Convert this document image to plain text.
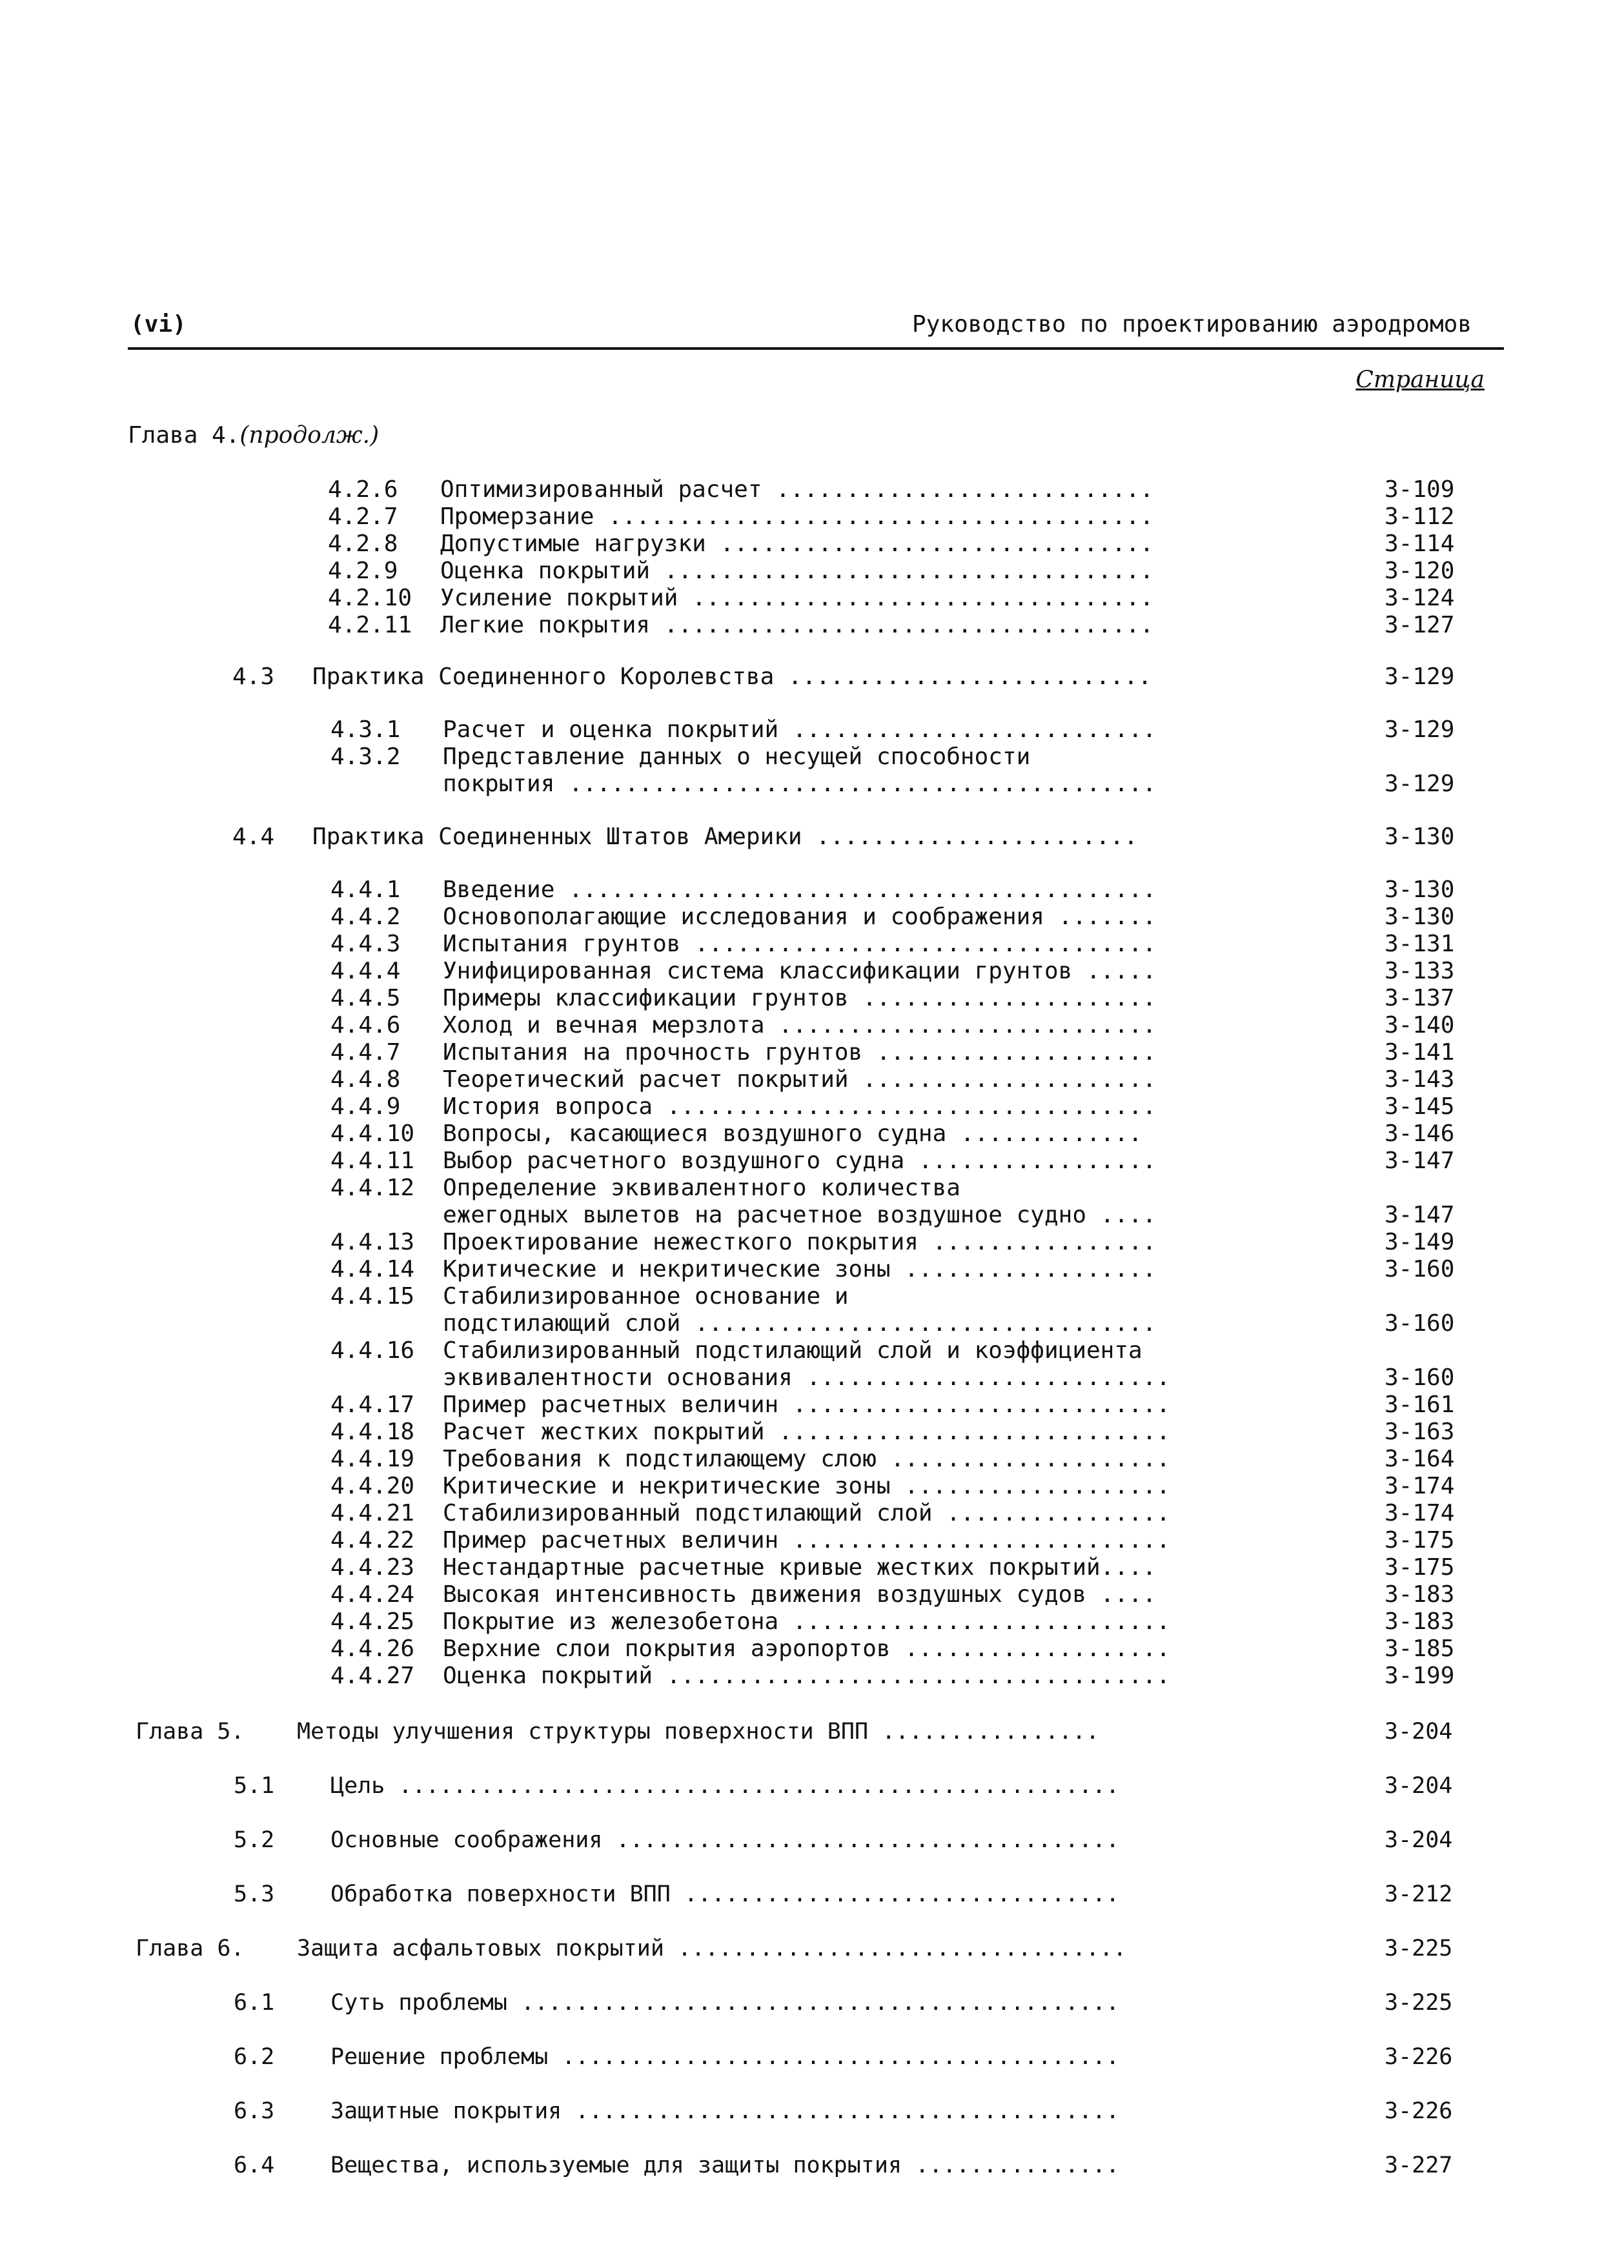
(vi)	Руководство по проектированию аэродромов
Страница
Глава 4.(продолж.)
4.2.6 Оптимизированный расчет ...........................	3-109
4.2.7 Промерзание .......................................	3-112
4.2.8 Допустимые нагрузки ...............................	3-114
4.2.9 Оценка покрытий ...................................	3-120
4.2.10 Усиление покрытий .................................	3-124
4.2.11 Легкие покрытия ...................................	3-127
4.3 Практика Соединенного Королевства ..........................	3-129
4.3.1 Расчет и оценка покрытий ..........................	3-129
4.3.2 Представление данных о несущей способности
покрытия ..........................................	3-129
4.4 Практика Соединенных Штатов Америки .......................	3-130
4.4.1 Введение ..........................................	3-130
4.4.2 Основополагающие исследования и соображения .......	3-130
4.4.3 Испытания грунтов .................................	3-131
4.4.4 Унифицированная система классификации грунтов .....	3-133
4.4.5 Примеры классификации грунтов .....................	3-137
4.4.6 Холод и вечная мерзлота ...........................	3-140
4.4.7 Испытания на прочность грунтов ....................	3-141
4.4.8 Теоретический расчет покрытий .....................	3-143
4.4.9 История вопроса ...................................	3-145
4.4.10 Вопросы, касающиеся воздушного судна .............	3-146
4.4.11 Выбор расчетного воздушного судна .................	3-147
4.4.12 Определение эквивалентного количества
ежегодных вылетов на расчетное воздушное судно ....	3-147
4.4.13 Проектирование нежесткого покрытия ................	3-149
4.4.14 Критические и некритические зоны ..................	3-160
4.4.15 Стабилизированное основание и
подстилающий слой .................................	3-160
4.4.16 Стабилизированный подстилающий слой и коэффициента
эквивалентности основания ..........................	3-160
4.4.17 Пример расчетных величин ...........................	3-161
4.4.18 Расчет жестких покрытий ............................	3-163
4.4.19 Требования к подстилающему слою ....................	3-164
4.4.20 Критические и некритические зоны ...................	3-174
4.4.21 Стабилизированный подстилающий слой ................	3-174
4.4.22 Пример расчетных величин ...........................	3-175
4.4.23 Нестандартные расчетные кривые жестких покрытий....	3-175
4.4.24 Высокая интенсивность движения воздушных судов ....	3-183
4.4.25 Покрытие из железобетона ...........................	3-183
4.4.26 Верхние слои покрытия аэропортов ...................	3-185
4.4.27 Оценка покрытий ....................................	3-199
Глава 5. Методы улучшения структуры поверхности ВПП ................	3-204
5.1 Цель .....................................................	3-204
5.2 Основные соображения .....................................	3-204
5.3 Обработка поверхности ВПП ................................	3-212
Глава 6. Защита асфальтовых покрытий .................................	3-225
6.1 Суть проблемы ............................................	3-225
6.2 Решение проблемы .........................................	3-226
6.3 Защитные покрытия ........................................	3-226
6.4 Вещества, используемые для защиты покрытия ...............	3-227
